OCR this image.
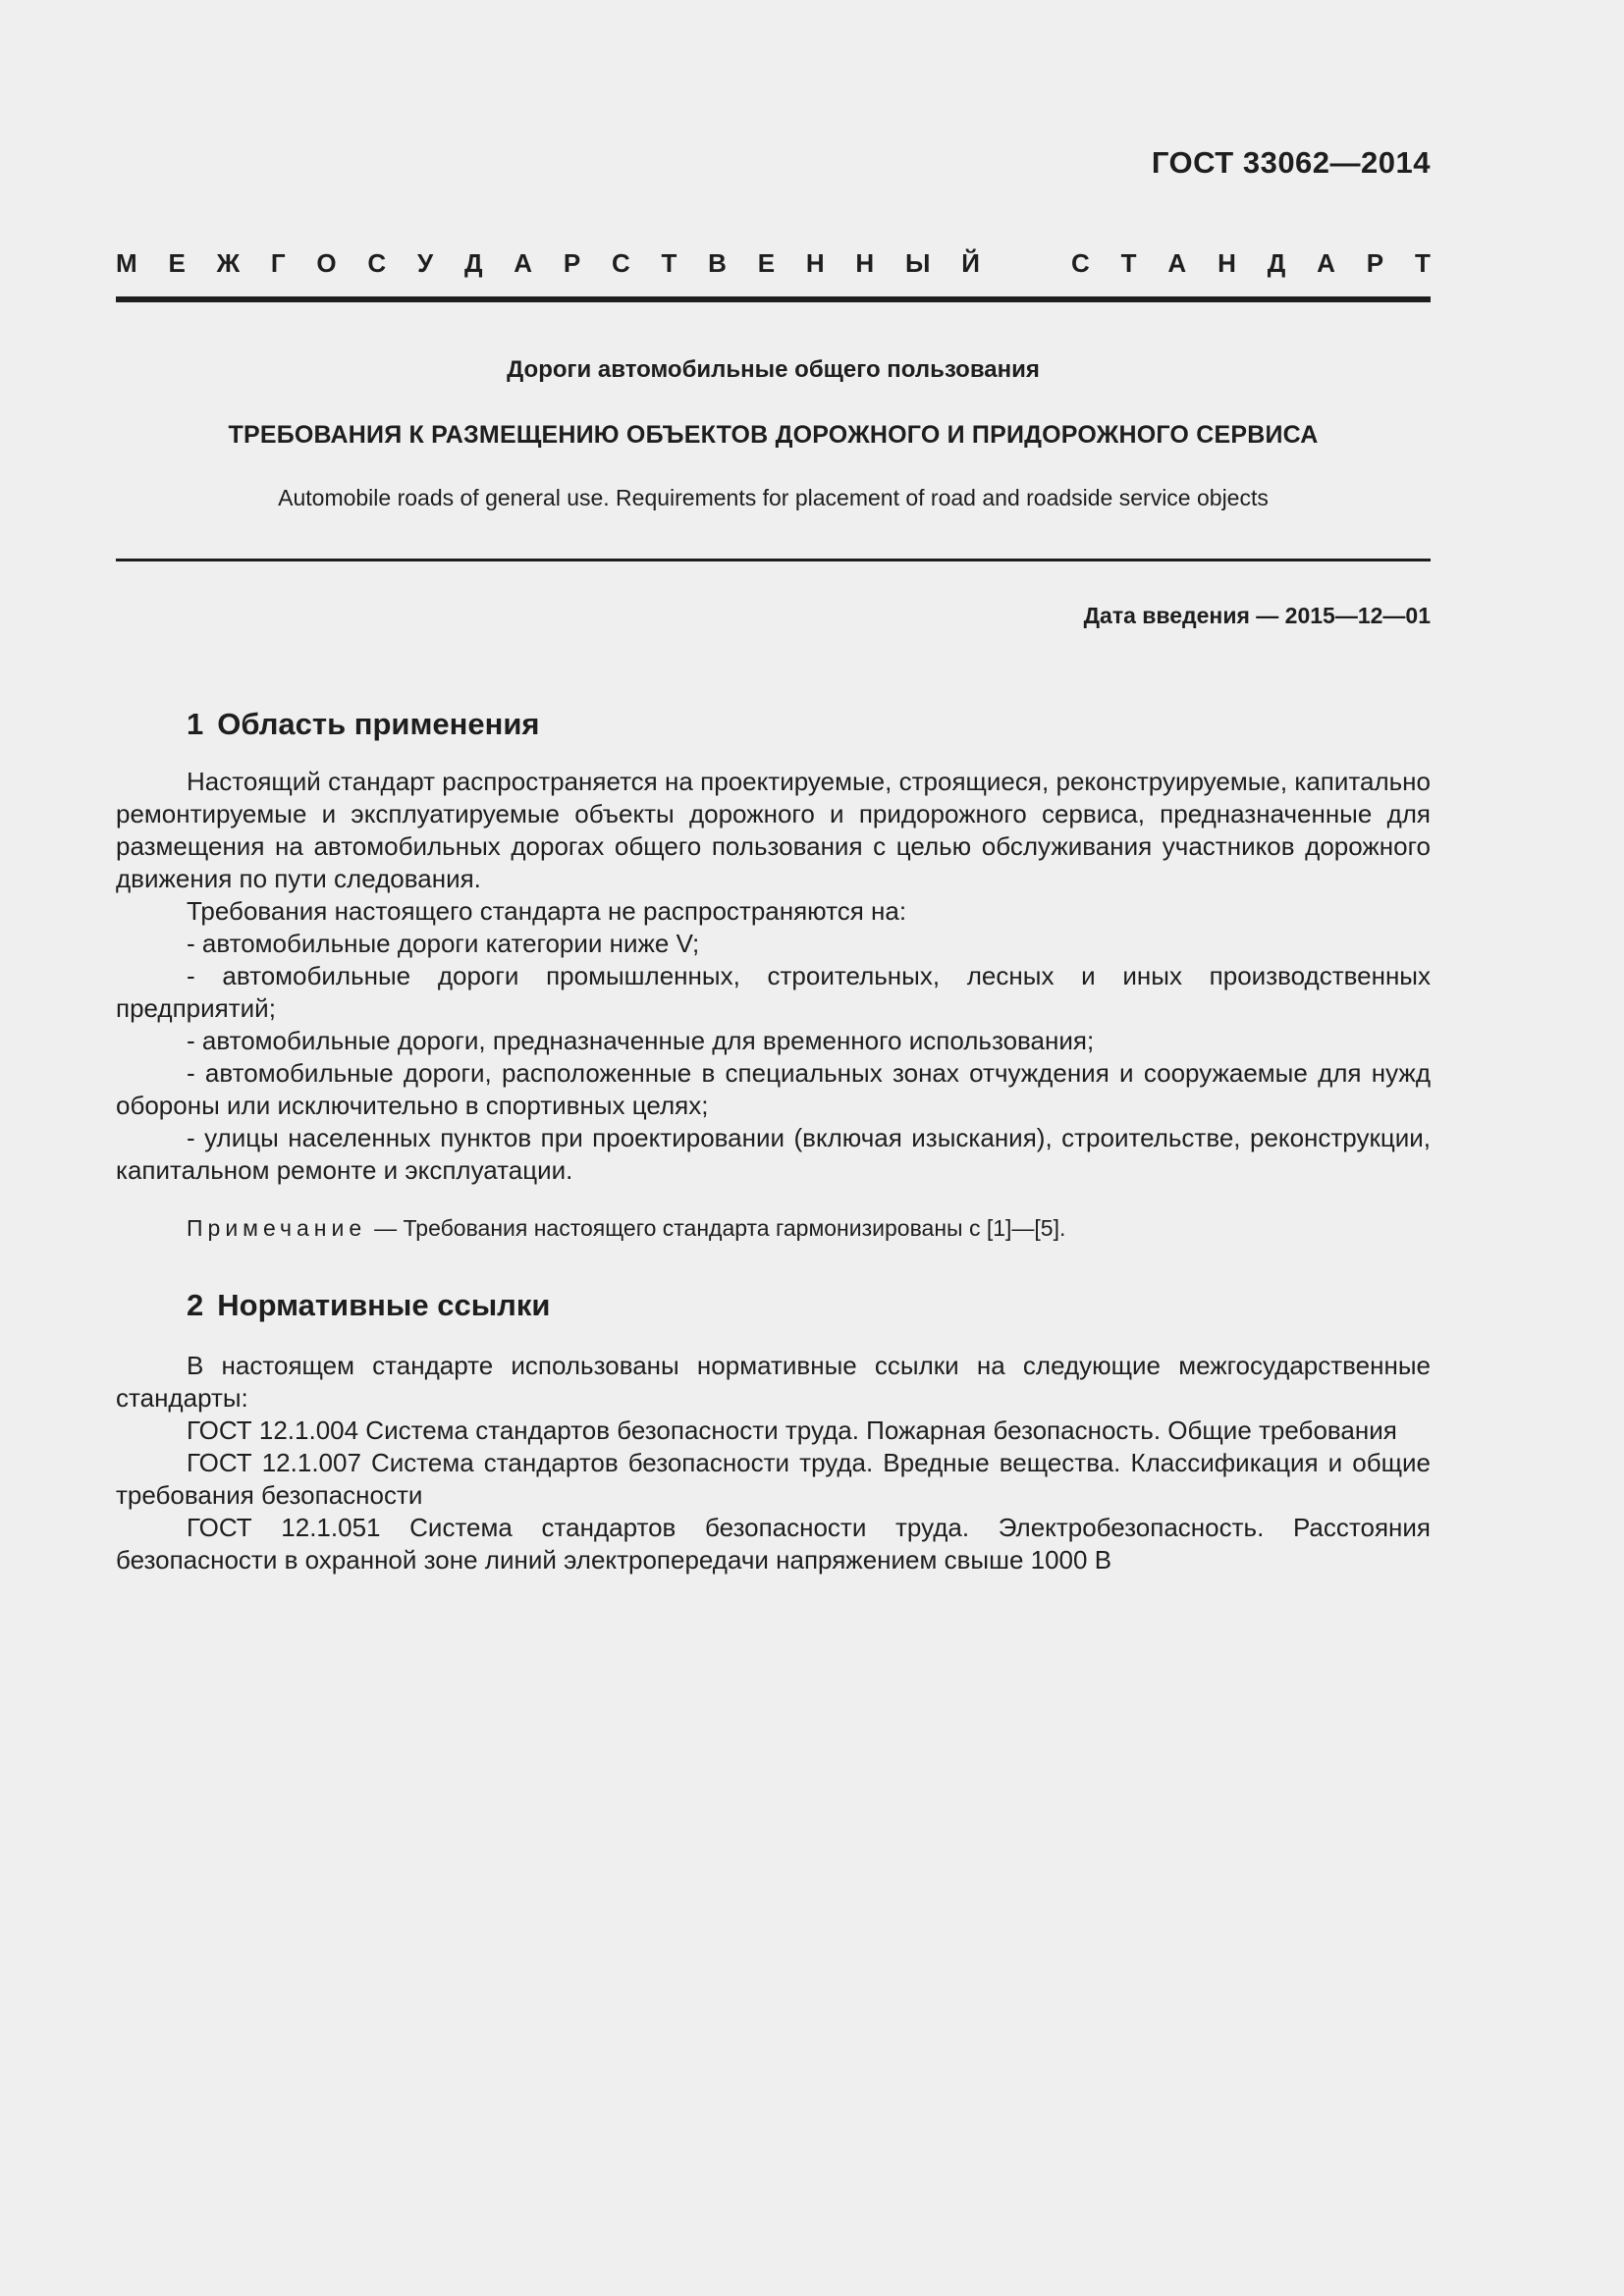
ГОСТ 33062—2014
М Е Ж Г О С У Д А Р С Т В Е Н Н Ы Й	С Т А Н Д А Р Т
Дороги автомобильные общего пользования
ТРЕБОВАНИЯ К РАЗМЕЩЕНИЮ ОБЪЕКТОВ ДОРОЖНОГО И ПРИДОРОЖНОГО СЕРВИСА
Automobile roads of general use. Requirements for placement of road and roadside service objects
Дата введения — 2015—12—01
1 Область применения

Настоящий стандарт распространяется на проектируемые, строящиеся, реконструируемые, капитально ремонтируемые и эксплуатируемые объекты дорожного и придорожного сервиса, предназначенные для размещения на автомобильных дорогах общего пользования с целью обслуживания участников дорожного движения по пути следования.

Требования настоящего стандарта не распространяются на:

- автомобильные дороги категории ниже V;

- автомобильные дороги промышленных, строительных, лесных и иных производственных предприятий;

- автомобильные дороги, предназначенные для временного использования;

- автомобильные дороги, расположенные в специальных зонах отчуждения и сооружаемые для нужд обороны или исключительно в спортивных целях;

- улицы населенных пунктов при проектировании (включая изыскания), строительстве, реконструкции, капитальном ремонте и эксплуатации.

Примечание — Требования настоящего стандарта гармонизированы с [1]—[5].
2 Нормативные ссылки

В настоящем стандарте использованы нормативные ссылки на следующие межгосударственные стандарты:

ГОСТ 12.1.004 Система стандартов безопасности труда. Пожарная безопасность. Общие требования

ГОСТ 12.1.007 Система стандартов безопасности труда. Вредные вещества. Классификация и общие требования безопасности

ГОСТ 12.1.051 Система стандартов безопасности труда. Электробезопасность. Расстояния безопасности в охранной зоне линий электропередачи напряжением свыше 1000 В
